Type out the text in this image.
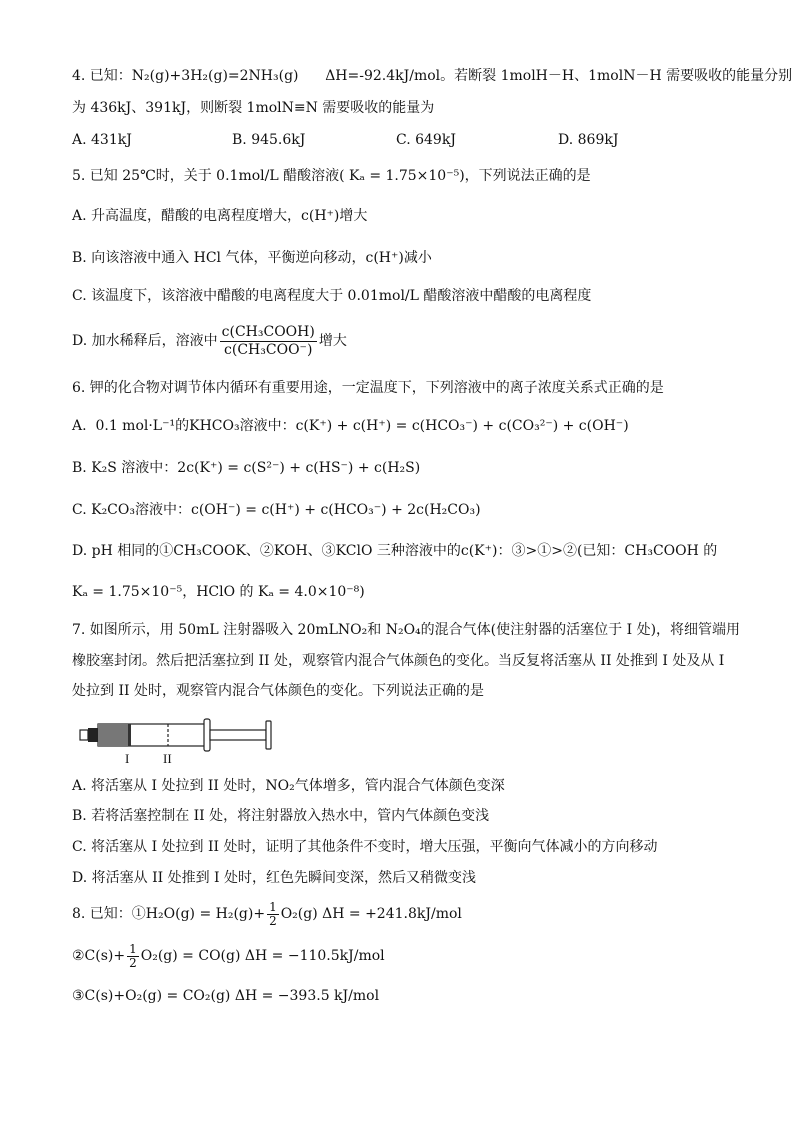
4. 已知：N₂(g)+3H₂(g)=2NH₃(g)      ΔH=-92.4kJ/mol。若断裂 1molH－H、1molN－H 需要吸收的能量分别
为 436kJ、391kJ，则断裂 1molN≡N 需要吸收的能量为
A. 431kJ	B. 945.6kJ	C. 649kJ	D. 869kJ
5. 已知 25℃时，关于 0.1mol/L 醋酸溶液( Kₐ = 1.75×10⁻⁵)，下列说法正确的是
A. 升高温度，醋酸的电离程度增大，c(H⁺)增大
B. 向该溶液中通入 HCl 气体，平衡逆向移动，c(H⁺)减小
C. 该温度下，该溶液中醋酸的电离程度大于 0.01mol/L 醋酸溶液中醋酸的电离程度
D. 加水稀释后，溶液中 $\frac{\text{c(CH₃COOH)}}{\text{c(CH₃COO⁻)}}$ 增大
6. 钾的化合物对调节体内循环有重要用途，一定温度下，下列溶液中的离子浓度关系式正确的是
A.  0.1 mol·L⁻¹的KHCO₃溶液中：c(K⁺) + c(H⁺) = c(HCO₃⁻) + c(CO₃²⁻) + c(OH⁻)
B. K₂S 溶液中：2c(K⁺) = c(S²⁻) + c(HS⁻) + c(H₂S)
C. K₂CO₃溶液中：c(OH⁻) = c(H⁺) + c(HCO₃⁻) + 2c(H₂CO₃)
D. pH 相同的①CH₃COOK、②KOH、③KClO 三种溶液中的c(K⁺)：③>①>②(已知：CH₃COOH 的
Kₐ = 1.75×10⁻⁵，HClO 的 Kₐ = 4.0×10⁻⁸)
7. 如图所示，用 50mL 注射器吸入 20mLNO₂和 N₂O₄的混合气体(使注射器的活塞位于 I 处)，将细管端用
橡胶塞封闭。然后把活塞拉到 II 处，观察管内混合气体颜色的变化。当反复将活塞从 II 处推到 I 处及从 I
处拉到 II 处时，观察管内混合气体颜色的变化。下列说法正确的是
I	II
A. 将活塞从 I 处拉到 II 处时，NO₂气体增多，管内混合气体颜色变深
B. 若将活塞控制在 II 处，将注射器放入热水中，管内气体颜色变浅
C. 将活塞从 I 处拉到 II 处时，证明了其他条件不变时，增大压强，平衡向气体减小的方向移动
D. 将活塞从 II 处推到 I 处时，红色先瞬间变深，然后又稍微变浅
8. 已知：①H₂O(g) = $H_2(g)+ \frac{1}{2} O_2(g) \Delta H = +241.8kJ/mol$
②C(s)+ $\frac{1}{2} O_2(g) = CO(g) \Delta H = -110.5kJ/mol$
③C(s)+O₂(g) = CO₂(g) ΔH = −393.5 kJ/mol
